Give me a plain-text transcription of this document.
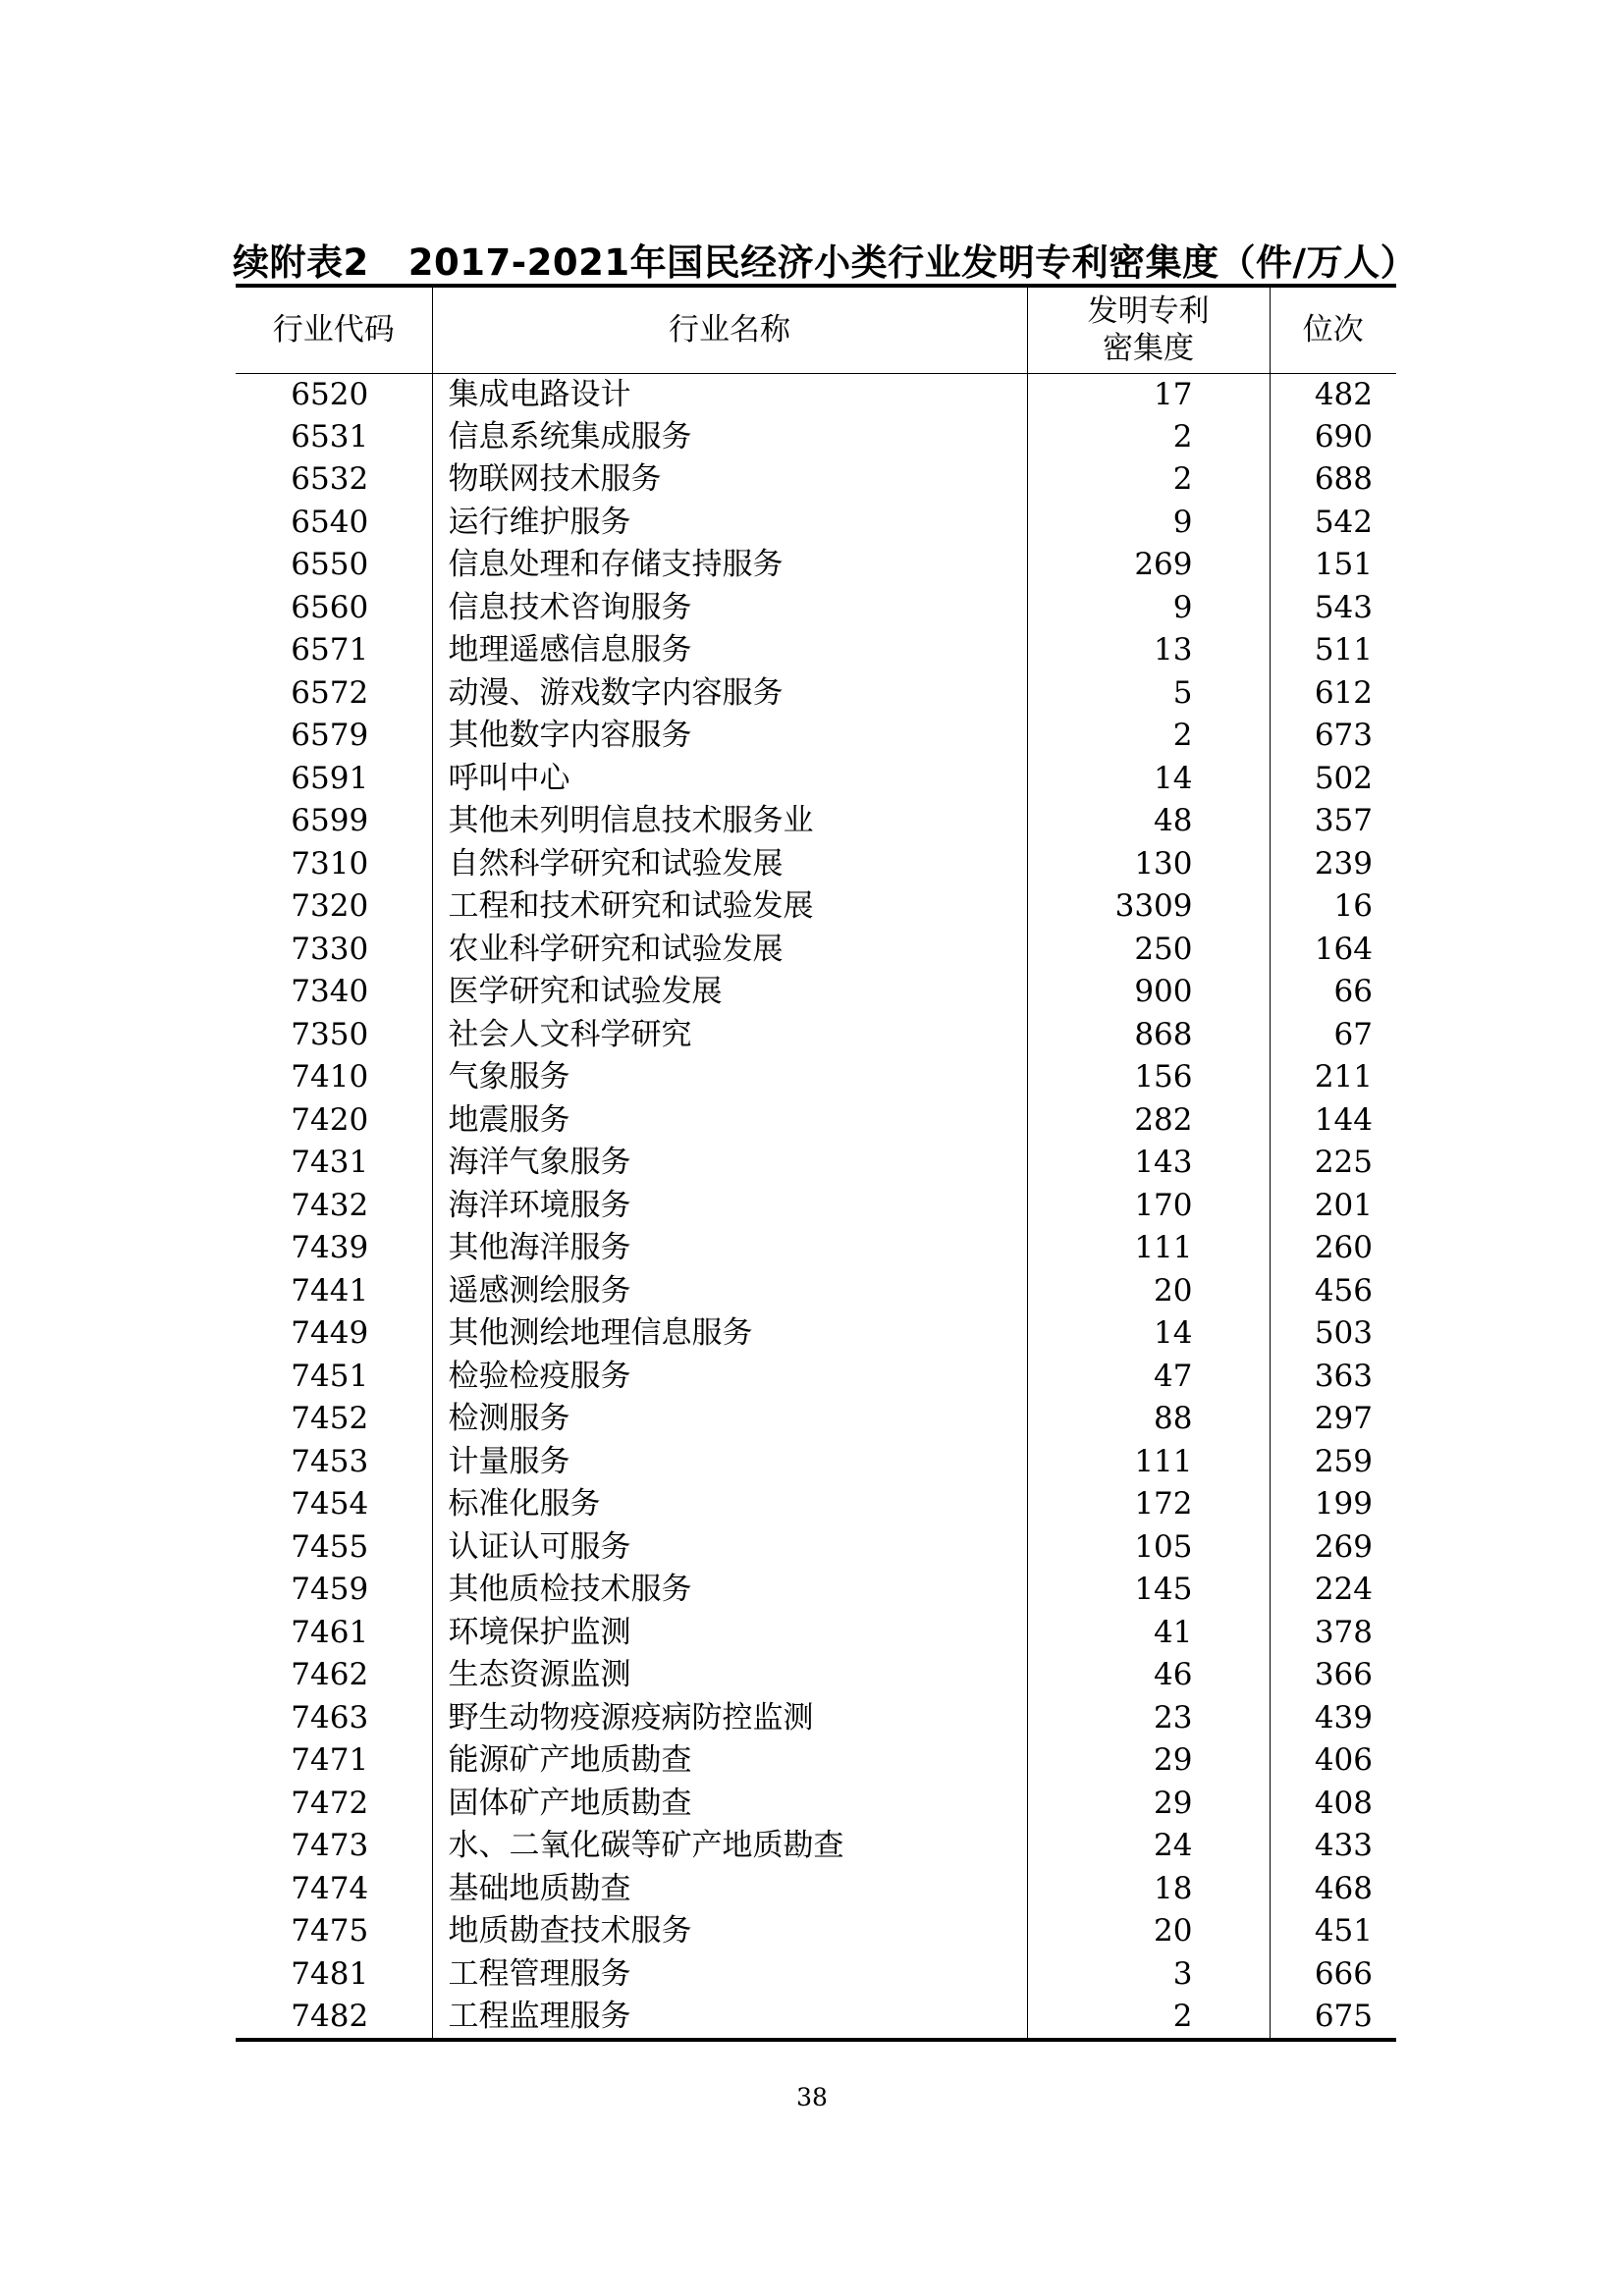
续附表2 2017-2021年国民经济小类行业发明专利密集度（件/万人）
行业代码	行业名称	发明专利
密集度	位次
6520	集成电路设计	17	482
6531	信息系统集成服务	2	690
6532	物联网技术服务	2	688
6540	运行维护服务	9	542
6550	信息处理和存储支持服务	269	151
6560	信息技术咨询服务	9	543
6571	地理遥感信息服务	13	511
6572	动漫、游戏数字内容服务	5	612
6579	其他数字内容服务	2	673
6591	呼叫中心	14	502
6599	其他未列明信息技术服务业	48	357
7310	自然科学研究和试验发展	130	239
7320	工程和技术研究和试验发展	3309	16
7330	农业科学研究和试验发展	250	164
7340	医学研究和试验发展	900	66
7350	社会人文科学研究	868	67
7410	气象服务	156	211
7420	地震服务	282	144
7431	海洋气象服务	143	225
7432	海洋环境服务	170	201
7439	其他海洋服务	111	260
7441	遥感测绘服务	20	456
7449	其他测绘地理信息服务	14	503
7451	检验检疫服务	47	363
7452	检测服务	88	297
7453	计量服务	111	259
7454	标准化服务	172	199
7455	认证认可服务	105	269
7459	其他质检技术服务	145	224
7461	环境保护监测	41	378
7462	生态资源监测	46	366
7463	野生动物疫源疫病防控监测	23	439
7471	能源矿产地质勘查	29	406
7472	固体矿产地质勘查	29	408
7473	水、二氧化碳等矿产地质勘查	24	433
7474	基础地质勘查	18	468
7475	地质勘查技术服务	20	451
7481	工程管理服务	3	666
7482	工程监理服务	2	675
38
